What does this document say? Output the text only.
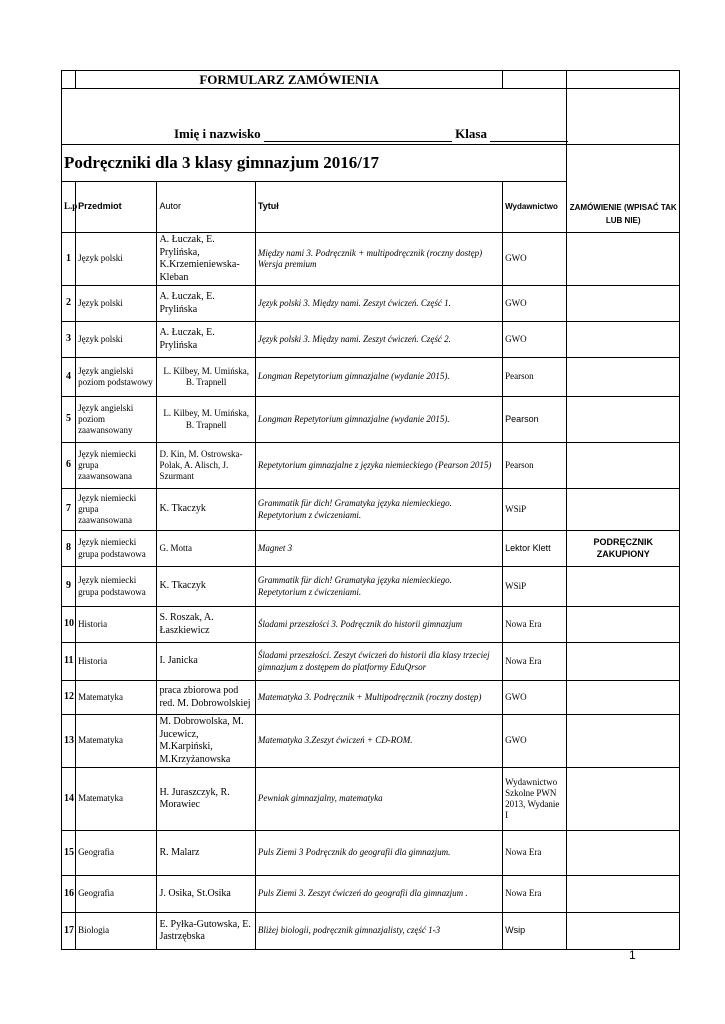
	FORMULARZ ZAMÓWIENIA				

Imię i nazwisko Klasa					

Podręczniki dla 3 klasy gimnazjum 2016/17					ZAMÓWIENIE (WPISAĆ TAK LUB NIE)
L.p	Przedmiot	Autor	Tytuł	Wydawnictwo	
1	Język polski	A. Łuczak, E. Prylińska, K.Krzemieniewska-Kleban	Między nami 3. Podręcznik + multipodręcznik (roczny dostęp) Wersja premium	GWO	
2	Język polski	A. Łuczak, E. Prylińska	Język polski 3. Między nami. Zeszyt ćwiczeń. Część 1.	GWO	
3	Język polski	A. Łuczak, E. Prylińska	Język polski 3. Między nami. Zeszyt ćwiczeń. Część 2.	GWO	
4	Język angielski poziom podstawowy	L. Kilbey, M. Umińska, B. Trapnell	Longman Repetytorium gimnazjalne (wydanie 2015).	Pearson	
5	Język angielski poziom zaawansowany	L. Kilbey, M. Umińska, B. Trapnell	Longman Repetytorium gimnazjalne (wydanie 2015).	Pearson	
6	Język niemiecki grupa zaawansowana	D. Kin, M. Ostrowska-Polak, A. Alisch, J. Szurmant	Repetytorium gimnazjalne z języka niemieckiego (Pearson 2015)	Pearson	
7	Język niemiecki grupa zaawansowana	K. Tkaczyk	Grammatik für dich! Gramatyka języka niemieckiego. Repetytorium z ćwiczeniami.	WSiP	
8	Język niemiecki grupa podstawowa	G. Motta	Magnet 3	Lektor Klett	PODRĘCZNIK ZAKUPIONY
9	Język niemiecki grupa podstawowa	K. Tkaczyk	Grammatik für dich! Gramatyka języka niemieckiego. Repetytorium z ćwiczeniami.	WSiP	
10	Historia	S. Roszak, A. Łaszkiewicz	Śladami przeszłości 3. Podręcznik do historii gimnazjum	Nowa Era	
11	Historia	I. Janicka	Śladami przeszłości. Zeszyt ćwiczeń do historii dla klasy trzeciej gimnazjum z dostępem do platformy EduQrsor	Nowa Era	
12	Matematyka	praca zbiorowa pod red. M. Dobrowolskiej	Matematyka 3. Podręcznik + Multipodręcznik (roczny dostęp)	GWO	
13	Matematyka	M. Dobrowolska, M. Jucewicz, M.Karpiński, M.Krzyżanowska	Matematyka 3.Zeszyt ćwiczeń + CD-ROM.	GWO	
14	Matematyka	H. Juraszczyk, R. Morawiec	Pewniak gimnazjalny, matematyka	Wydawnictwo Szkolne PWN 2013, Wydanie I	
15	Geografia	R. Malarz	Puls Ziemi 3 Podręcznik do geografii dla gimnazjum.	Nowa Era	
16	Geografia	J. Osika, St.Osika	Puls Ziemi 3. Zeszyt ćwiczeń do geografii dla gimnazjum .	Nowa Era	
17	Biologia	E. Pyłka-Gutowska, E. Jastrzębska	Bliżej biologii, podręcznik gimnazjalisty, część 1-3	Wsip	
1
